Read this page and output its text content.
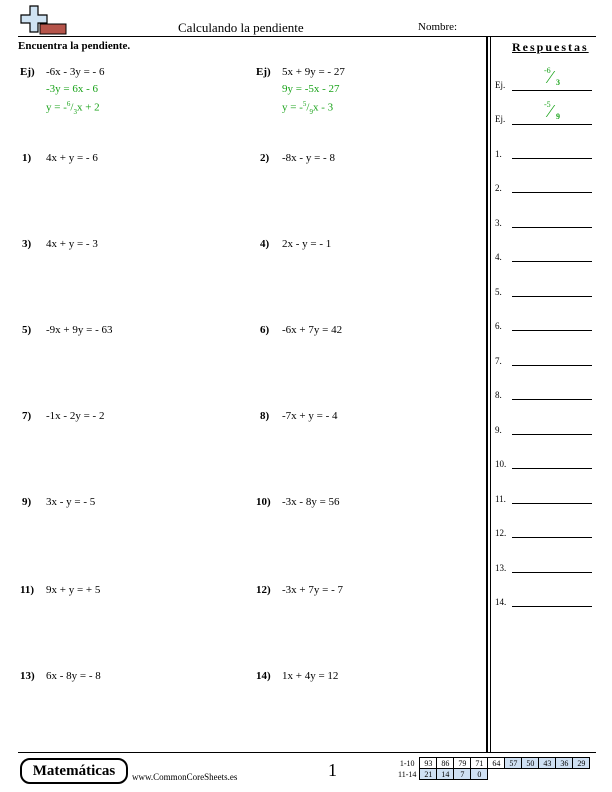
Calculando la pendiente	Nombre:
Encuentra la pendiente.
Ej) -6x - 3y = - 6
-3y = 6x - 6
$y = -^6/_3x + 2$
Ej) 5x + 9y = - 27
9y = -5x - 27
$y = -^5/_9x - 3$
1) 4x + y = - 6	2) -8x - y = - 8
3) 4x + y = - 3	4) 2x - y = - 1
5) -9x + 9y = - 63	6) -6x + 7y = 42
7) -1x - 2y = - 2	8) -7x + y = - 4
9) 3x - y = - 5	10) -3x - 8y = 56
11) 9x + y = + 5	12) -3x + 7y = - 7
13) 6x - 8y = - 8	14) 1x + 4y = 12
Respuestas
Ej.
-6
⁄ 3
Ej.
-5
⁄ 9
1.
2.
3.
4.
5.
6.
7.
8.
9.
10.
11.
12.
13.
14.
Matemáticas	www.CommonCoreSheets.es	1	1-10	93	86	79	71	64	57	50	43	36	29
11-14	21	14	7	0						
